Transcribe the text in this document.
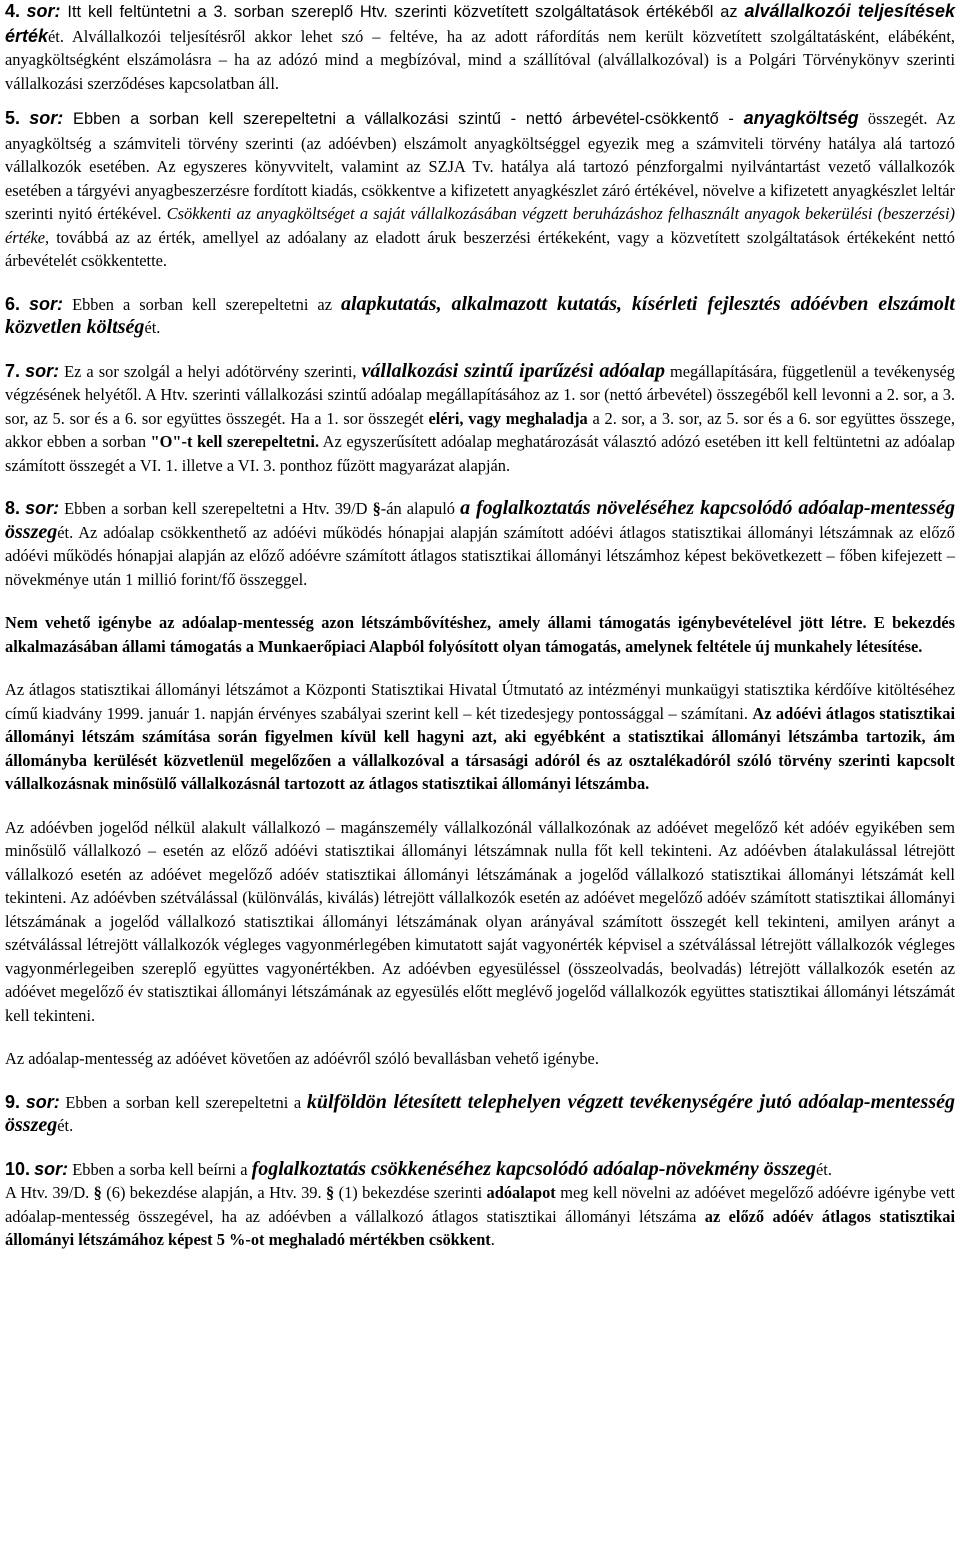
4. sor: Itt kell feltüntetni a 3. sorban szereplő Htv. szerinti közvetített szolgáltatások értékéből az alvállalkozói teljesítések értékét. Alvállalkozói teljesítésről akkor lehet szó – feltéve, ha az adott ráfordítás nem került közvetített szolgáltatásként, elábéként, anyagköltségként elszámolásra – ha az adózó mind a megbízóval, mind a szállítóval (alvállalkozóval) is a Polgári Törvénykönyv szerinti vállalkozási szerződéses kapcsolatban áll.

5. sor: Ebben a sorban kell szerepeltetni a vállalkozási szintű - nettó árbevétel-csökkentő - anyagköltség összegét. Az anyagköltség a számviteli törvény szerinti (az adóévben) elszámolt anyagköltséggel egyezik meg a számviteli törvény hatálya alá tartozó vállalkozók esetében. Az egyszeres könyvvitelt, valamint az SZJA Tv. hatálya alá tartozó pénzforgalmi nyilvántartást vezető vállalkozók esetében a tárgyévi anyagbeszerzésre fordított kiadás, csökkentve a kifizetett anyagkészlet záró értékével, növelve a kifizetett anyagkészlet leltár szerinti nyitó értékével. Csökkenti az anyagköltséget a saját vállalkozásában végzett beruházáshoz felhasznált anyagok bekerülési (beszerzési) értéke, továbbá az az érték, amellyel az adóalany az eladott áruk beszerzési értékeként, vagy a közvetített szolgáltatások értékeként nettó árbevételét csökkentette.

6. sor: Ebben a sorban kell szerepeltetni az alapkutatás, alkalmazott kutatás, kísérleti fejlesztés adóévben elszámolt közvetlen költségét.

7. sor: Ez a sor szolgál a helyi adótörvény szerinti, vállalkozási szintű iparűzési adóalap megállapítására, függetlenül a tevékenység végzésének helyétől. A Htv. szerinti vállalkozási szintű adóalap megállapításához az 1. sor (nettó árbevétel) összegéből kell levonni a 2. sor, a 3. sor, az 5. sor és a 6. sor együttes összegét. Ha a 1. sor összegét eléri, vagy meghaladja a 2. sor, a 3. sor, az 5. sor és a 6. sor együttes összege, akkor ebben a sorban "O"-t kell szerepeltetni. Az egyszerűsített adóalap meghatározását választó adózó esetében itt kell feltüntetni az adóalap számított összegét a VI. 1. illetve a VI. 3. ponthoz fűzött magyarázat alapján.

8. sor: Ebben a sorban kell szerepeltetni a Htv. 39/D §-án alapuló a foglalkoztatás növeléséhez kapcsolódó adóalap-mentesség összegét. Az adóalap csökkenthető az adóévi működés hónapjai alapján számított adóévi átlagos statisztikai állományi létszámnak az előző adóévi működés hónapjai alapján az előző adóévre számított átlagos statisztikai állományi létszámhoz képest bekövetkezett – főben kifejezett – növekménye után 1 millió forint/fő összeggel.

Nem vehető igénybe az adóalap-mentesség azon létszámbővítéshez, amely állami támogatás igénybevételével jött létre. E bekezdés alkalmazásában állami támogatás a Munkaerőpiaci Alapból folyósított olyan támogatás, amelynek feltétele új munkahely létesítése.

Az átlagos statisztikai állományi létszámot a Központi Statisztikai Hivatal Útmutató az intézményi munkaügyi statisztika kérdőíve kitöltéséhez című kiadvány 1999. január 1. napján érvényes szabályai szerint kell – két tizedesjegy pontossággal – számítani. Az adóévi átlagos statisztikai állományi létszám számítása során figyelmen kívül kell hagyni azt, aki egyébként a statisztikai állományi létszámba tartozik, ám állományba kerülését közvetlenül megelőzően a vállalkozóval a társasági adóról és az osztalékadóról szóló törvény szerinti kapcsolt vállalkozásnak minősülő vállalkozásnál tartozott az átlagos statisztikai állományi létszámba.

Az adóévben jogelőd nélkül alakult vállalkozó – magánszemély vállalkozónál vállalkozónak az adóévet megelőző két adóév egyikében sem minősülő vállalkozó – esetén az előző adóévi statisztikai állományi létszámnak nulla főt kell tekinteni. Az adóévben átalakulással létrejött vállalkozó esetén az adóévet megelőző adóév statisztikai állományi létszámának a jogelőd vállalkozó statisztikai állományi létszámát kell tekinteni. Az adóévben szétválással (különválás, kiválás) létrejött vállalkozók esetén az adóévet megelőző adóév számított statisztikai állományi létszámának a jogelőd vállalkozó statisztikai állományi létszámának olyan arányával számított összegét kell tekinteni, amilyen arányt a szétválással létrejött vállalkozók végleges vagyonmérlegében kimutatott saját vagyonérték képvisel a szétválással létrejött vállalkozók végleges vagyonmérlegeiben szereplő együttes vagyonértékben. Az adóévben egyesüléssel (összeolvadás, beolvadás) létrejött vállalkozók esetén az adóévet megelőző év statisztikai állományi létszámának az egyesülés előtt meglévő jogelőd vállalkozók együttes statisztikai állományi létszámát kell tekinteni.

Az adóalap-mentesség az adóévet követően az adóévről szóló bevallásban vehető igénybe.

9. sor: Ebben a sorban kell szerepeltetni a külföldön létesített telephelyen végzett tevékenységére jutó adóalap-mentesség összegét.

10. sor: Ebben a sorba kell beírni a foglalkoztatás csökkenéséhez kapcsolódó adóalap-növekmény összegét.

A Htv. 39/D. § (6) bekezdése alapján, a Htv. 39. § (1) bekezdése szerinti adóalapot meg kell növelni az adóévet megelőző adóévre igénybe vett adóalap-mentesség összegével, ha az adóévben a vállalkozó átlagos statisztikai állományi létszáma az előző adóév átlagos statisztikai állományi létszámához képest 5 %-ot meghaladó mértékben csökkent.
